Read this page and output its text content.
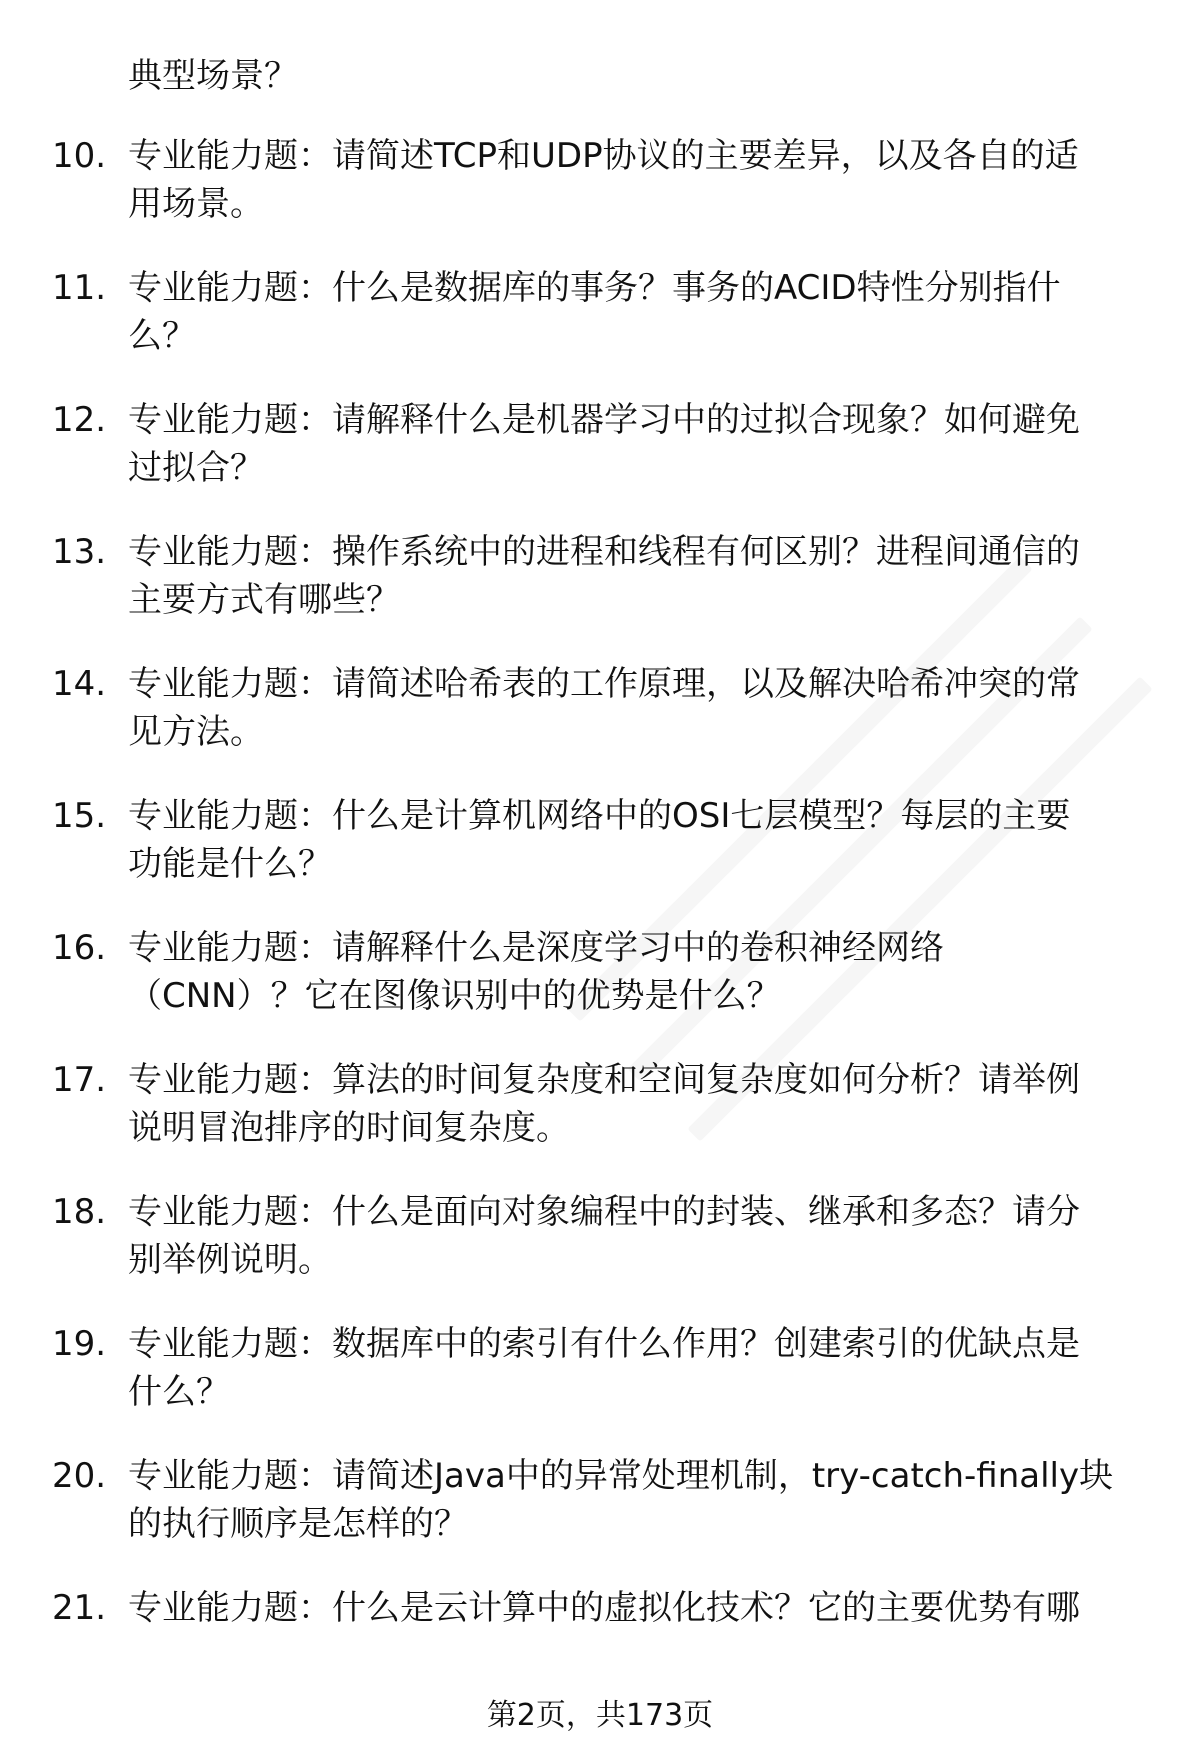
典型场景？
10. 专业能力题：请简述TCP和UDP协议的主要差异，以及各自的适
用场景。
11. 专业能力题：什么是数据库的事务？事务的ACID特性分别指什
么？
12. 专业能力题：请解释什么是机器学习中的过拟合现象？如何避免
过拟合？
13. 专业能力题：操作系统中的进程和线程有何区别？进程间通信的
主要方式有哪些？
14. 专业能力题：请简述哈希表的工作原理，以及解决哈希冲突的常
见方法。
15. 专业能力题：什么是计算机网络中的OSI七层模型？每层的主要
功能是什么？
16. 专业能力题：请解释什么是深度学习中的卷积神经网络
（CNN）？它在图像识别中的优势是什么？
17. 专业能力题：算法的时间复杂度和空间复杂度如何分析？请举例
说明冒泡排序的时间复杂度。
18. 专业能力题：什么是面向对象编程中的封装、继承和多态？请分
别举例说明。
19. 专业能力题：数据库中的索引有什么作用？创建索引的优缺点是
什么？
20. 专业能力题：请简述Java中的异常处理机制，try-catch-finally块
的执行顺序是怎样的？
21. 专业能力题：什么是云计算中的虚拟化技术？它的主要优势有哪
第2页，共173页
